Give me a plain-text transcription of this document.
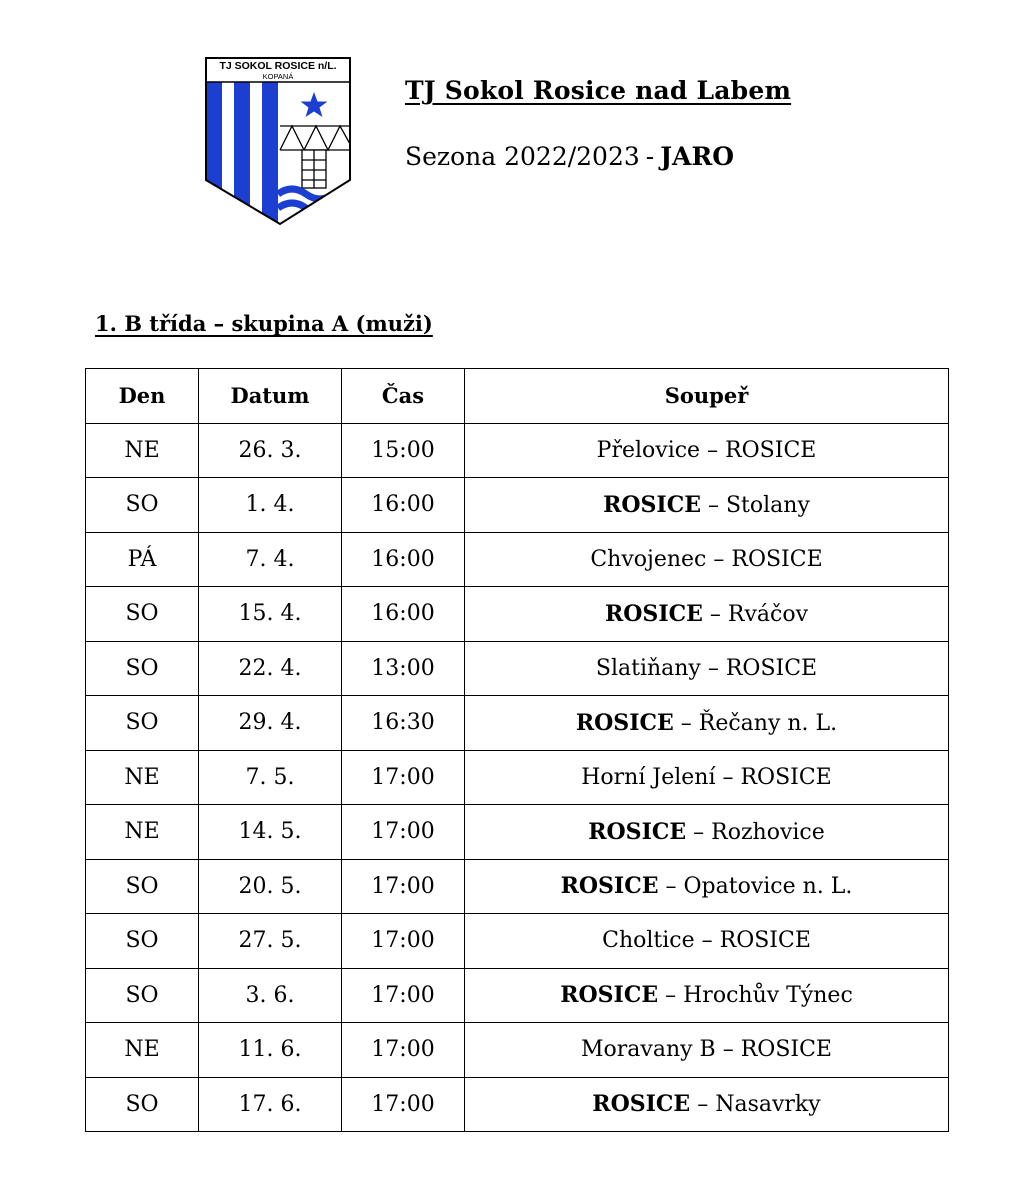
TJ SOKOL ROSICE n/L.
KOPANÁ	TJ Sokol Rosice nad Labem
Sezona 2022/2023 - JARO
1. B třída – skupina A (muži)
Den	Datum	Čas	Soupeř
NE	26. 3.	15:00	Přelovice – ROSICE
SO	1. 4.	16:00	ROSICE – Stolany
PÁ	7. 4.	16:00	Chvojenec – ROSICE
SO	15. 4.	16:00	ROSICE – Rváčov
SO	22. 4.	13:00	Slatiňany – ROSICE
SO	29. 4.	16:30	ROSICE – Řečany n. L.
NE	7. 5.	17:00	Horní Jelení – ROSICE
NE	14. 5.	17:00	ROSICE – Rozhovice
SO	20. 5.	17:00	ROSICE – Opatovice n. L.
SO	27. 5.	17:00	Choltice – ROSICE
SO	3. 6.	17:00	ROSICE – Hrochův Týnec
NE	11. 6.	17:00	Moravany B – ROSICE
SO	17. 6.	17:00	ROSICE – Nasavrky
